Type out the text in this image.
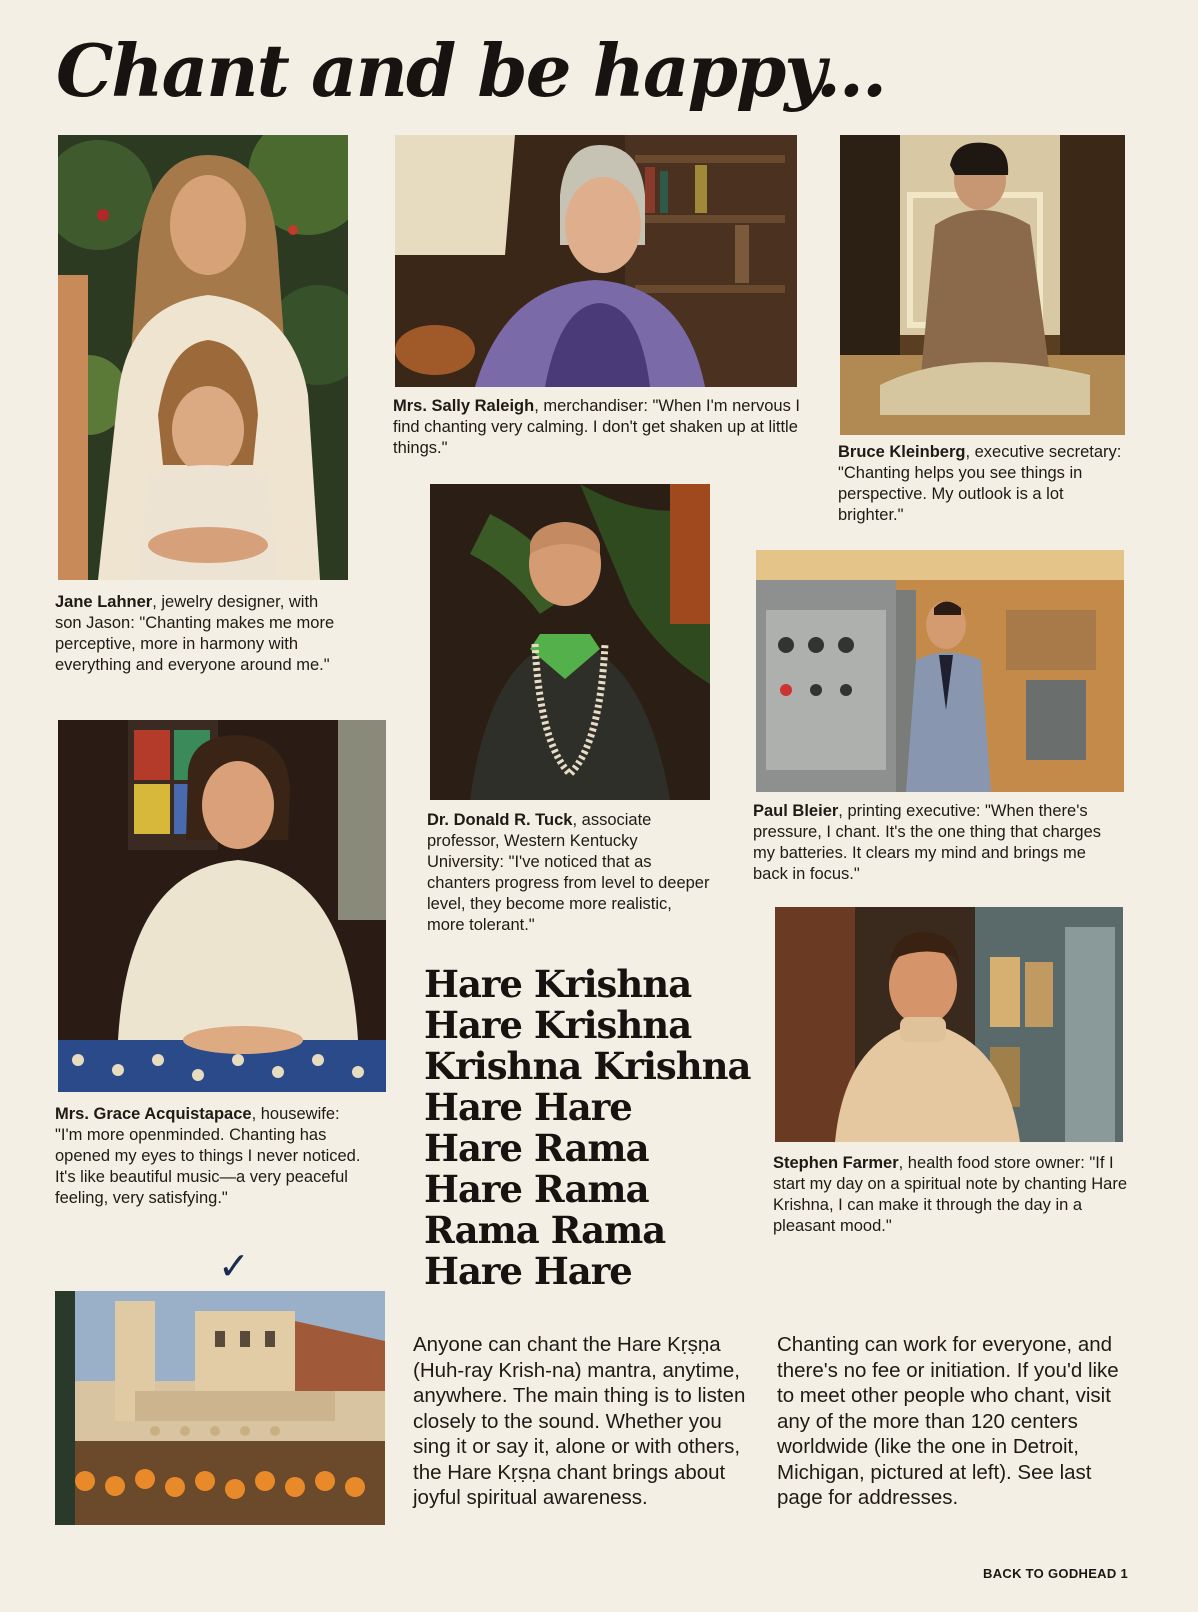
Chant and be happy...
Jane Lahner, jewelry designer, with son Jason: "Chanting makes me more perceptive, more in harmony with everything and everyone around me."
Mrs. Sally Raleigh, merchandiser: "When I'm nervous I find chanting very calming. I don't get shaken up at little things."	Bruce Kleinberg, executive secretary: "Chanting helps you see things in perspective. My outlook is a lot brighter."
Dr. Donald R. Tuck, associate professor, Western Kentucky University: "I've noticed that as chanters progress from level to deeper level, they become more realistic, more tolerant."
Paul Bleier, printing executive: "When there's pressure, I chant. It's the one thing that charges my batteries. It clears my mind and brings me back in focus."
Mrs. Grace Acquistapace, housewife: "I'm more openminded. Chanting has opened my eyes to things I never noticed. It's like beautiful music—a very peaceful feeling, very satisfying."
Stephen Farmer, health food store owner: "If I start my day on a spiritual note by chanting Hare Krishna, I can make it through the day in a pleasant mood."
Hare Krishna
Hare Krishna
Krishna Krishna
Hare Hare
Hare Rama
Hare Rama
Rama Rama
Hare Hare
✓
Anyone can chant the Hare Kṛṣṇa (Huh-ray Krish-na) mantra, anytime, anywhere. The main thing is to listen closely to the sound. Whether you sing it or say it, alone or with others, the Hare Kṛṣṇa chant brings about joyful spiritual awareness.
Chanting can work for everyone, and there's no fee or initiation. If you'd like to meet other people who chant, visit any of the more than 120 centers worldwide (like the one in Detroit, Michigan, pictured at left). See last page for addresses.
BACK TO GODHEAD 1
